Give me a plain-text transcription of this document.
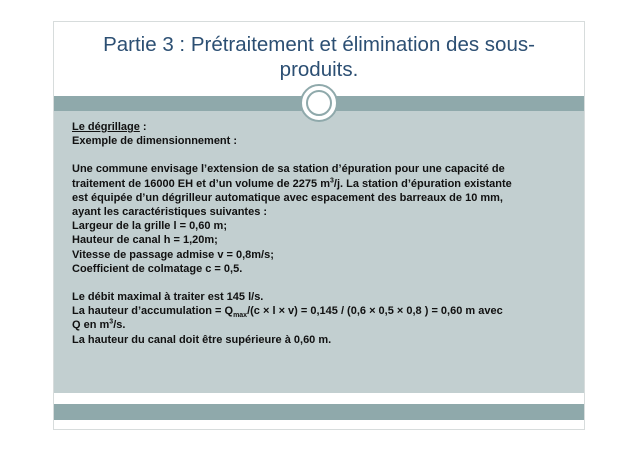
Partie 3 : Prétraitement et élimination des sous-
produits.

Le dégrillage :

Exemple de dimensionnement :

Une commune envisage l’extension de sa station d’épuration pour une capacité de

traitement de 16000 EH et d’un volume de 2275 $m^3/j$. La station d’épuration existante

est équipée d’un dégrilleur automatique avec espacement des barreaux de 10 mm,

ayant les caractéristiques suivantes :

Largeur de la grille l = 0,60 m;

Hauteur de canal h = 1,20m;

Vitesse de passage admise v = 0,8m/s;

Coefficient de colmatage c = 0,5.

Le débit maximal à traiter est 145 l/s.

La hauteur d’accumulation = $Q_{max}/(c \times l \times v) = 0,145 / (0,6 \times 0,5 \times 0,8$ ) = 0,60 m avec

Q en $m^3/s$.

La hauteur du canal doit être supérieure à 0,60 m.
